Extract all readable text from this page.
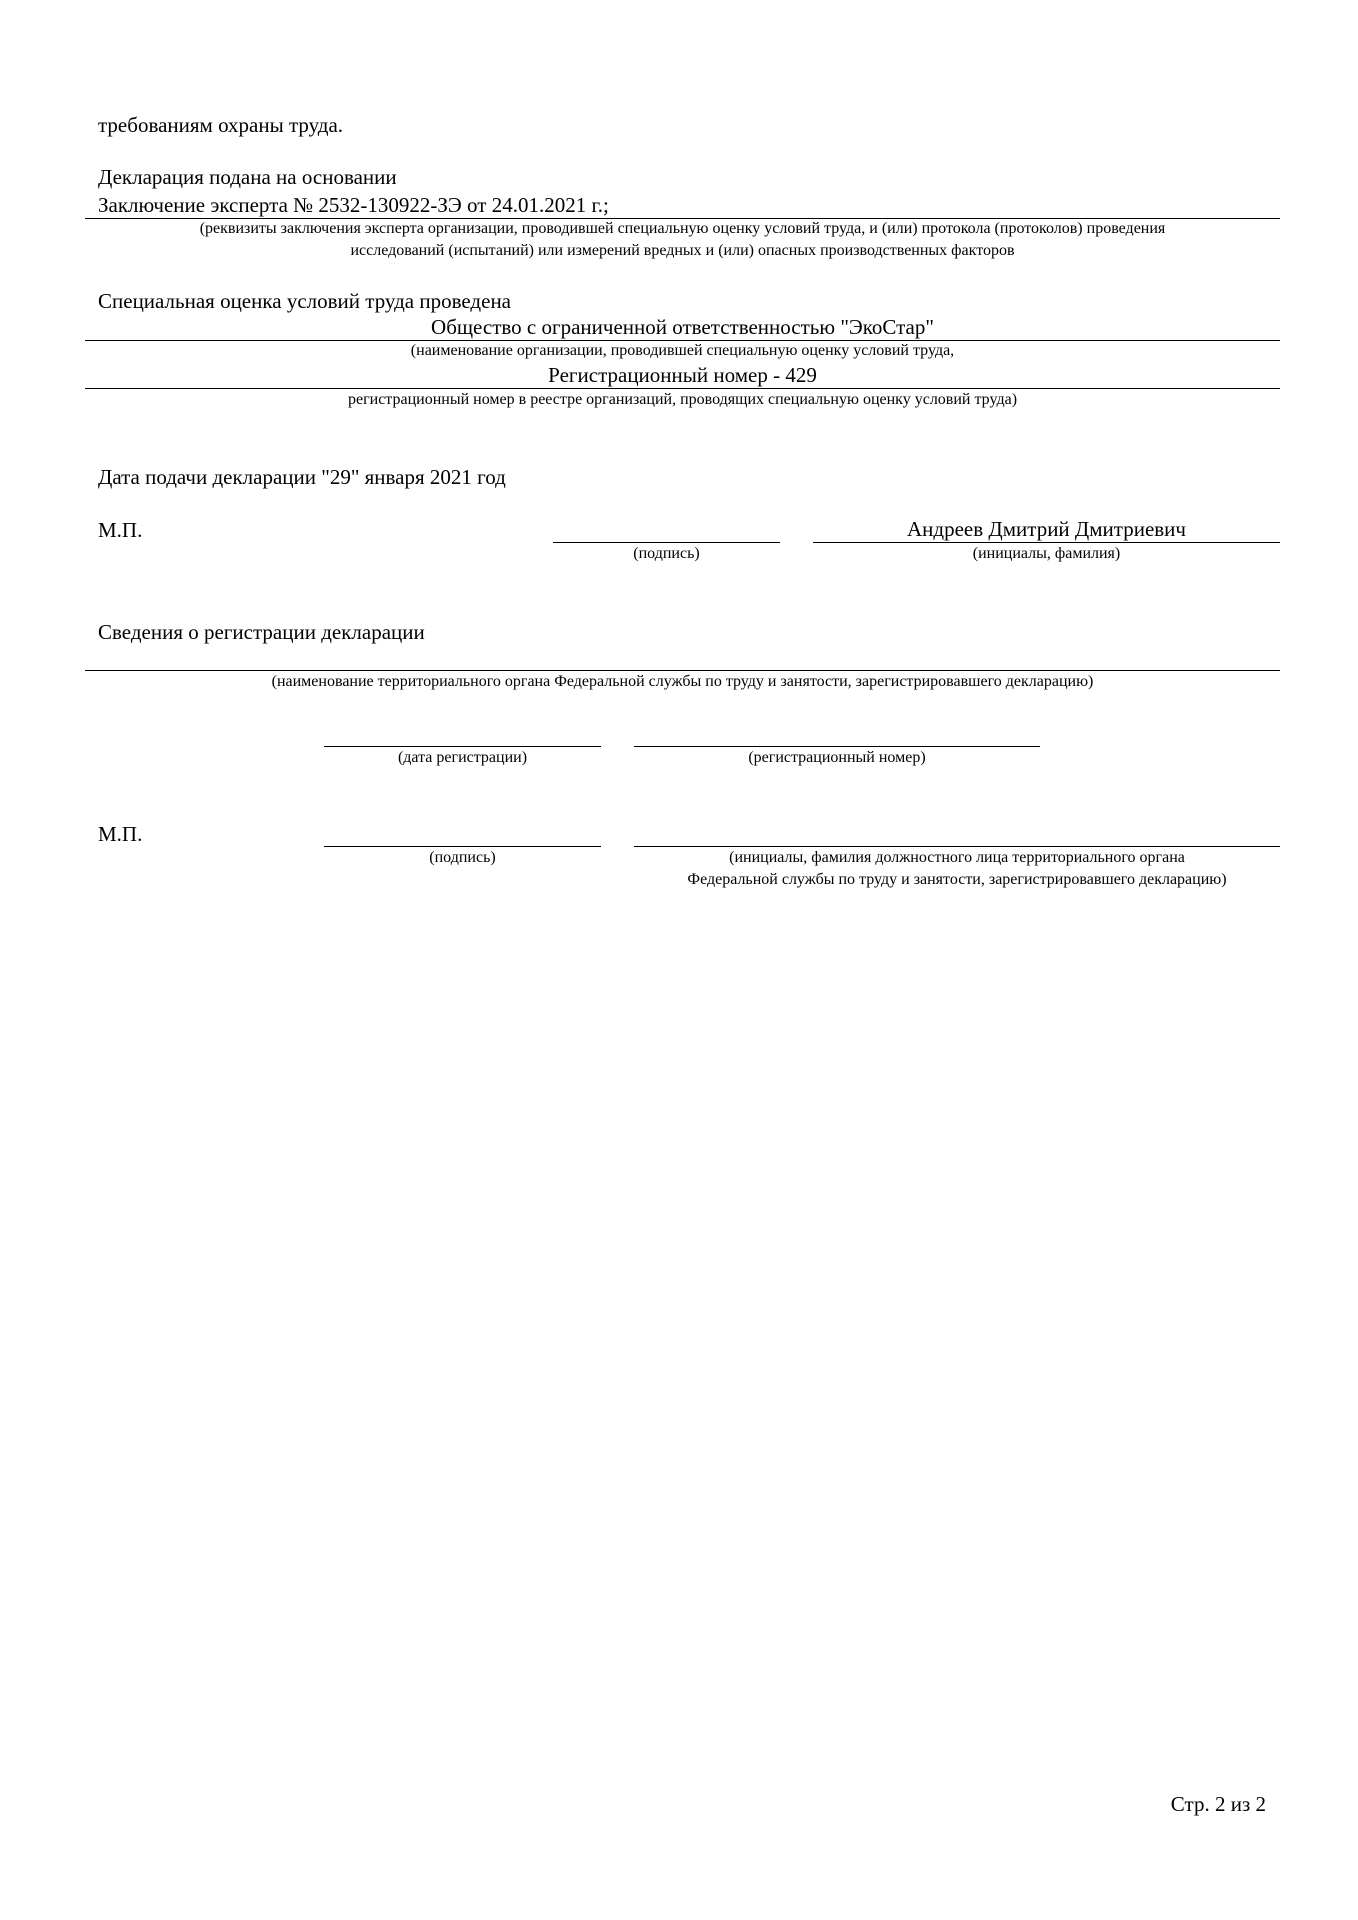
требованиям охраны труда.
Декларация подана на основании
Заключение эксперта № 2532-130922-ЗЭ от 24.01.2021 г.;
(реквизиты заключения эксперта организации, проводившей специальную оценку условий труда, и (или) протокола (протоколов) проведения
исследований (испытаний) или измерений вредных и (или) опасных производственных факторов
Специальная оценка условий труда проведена
Общество с ограниченной ответственностью "ЭкоСтар"
(наименование организации, проводившей специальную оценку условий труда,
Регистрационный номер - 429
регистрационный номер в реестре организаций, проводящих специальную оценку условий труда)
Дата подачи декларации "29" января 2021 год
М.П.
(подпись)
Андреев Дмитрий Дмитриевич
(инициалы, фамилия)
Сведения о регистрации декларации
(наименование территориального органа Федеральной службы по труду и занятости, зарегистрировавшего декларацию)
(дата регистрации)	(регистрационный номер)
М.П.
(подпись)	(инициалы, фамилия должностного лица территориального органа
Федеральной службы по труду и занятости, зарегистрировавшего декларацию)
Стр. 2 из 2
